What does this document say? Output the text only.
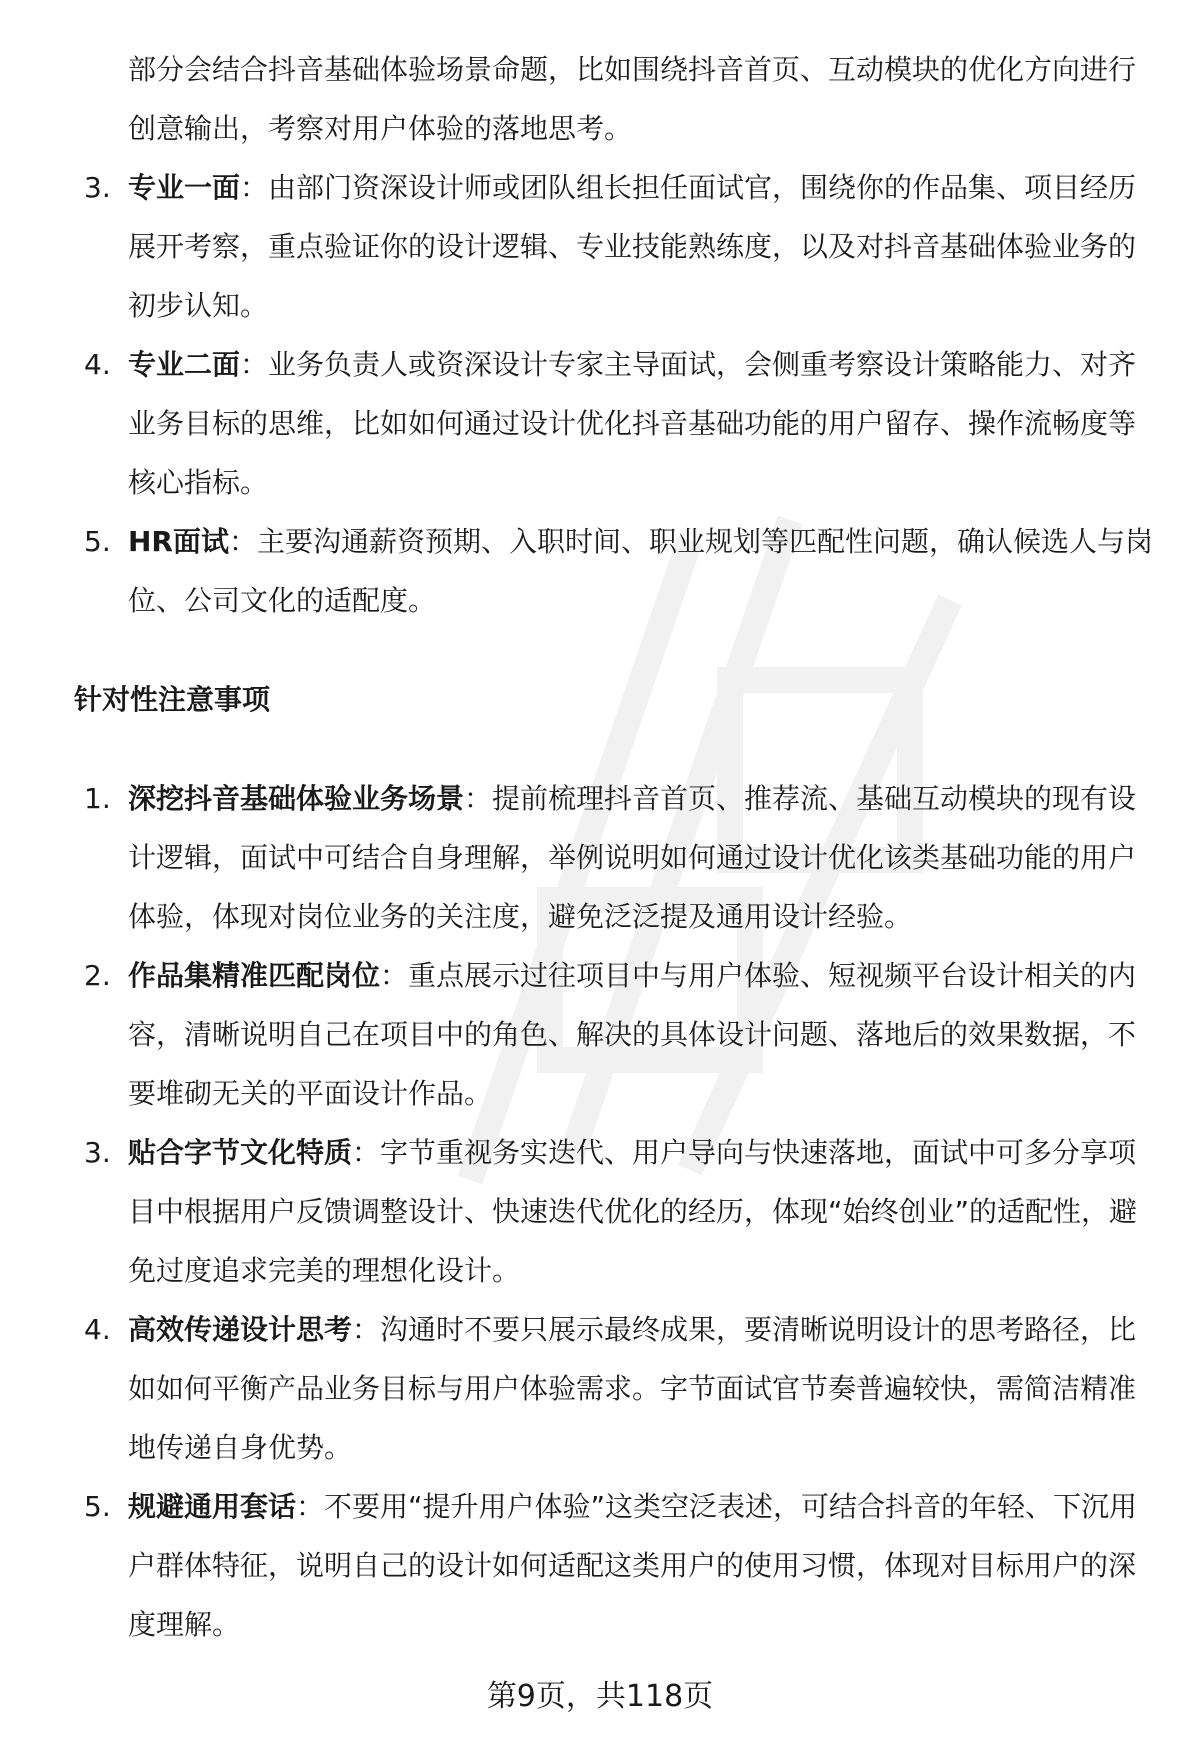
部分会结合抖音基础体验场景命题，比如围绕抖音首页、互动模块的优化方向进行创意输出，考察对用户体验的落地思考。

3. 专业一面：由部门资深设计师或团队组长担任面试官，围绕你的作品集、项目经历展开考察，重点验证你的设计逻辑、专业技能熟练度，以及对抖音基础体验业务的初步认知。
4. 专业二面：业务负责人或资深设计专家主导面试，会侧重考察设计策略能力、对齐业务目标的思维，比如如何通过设计优化抖音基础功能的用户留存、操作流畅度等核心指标。
5. HR面试：主要沟通薪资预期、入职时间、职业规划等匹配性问题，确认候选人与岗位、公司文化的适配度。
针对性注意事项
1. 深挖抖音基础体验业务场景：提前梳理抖音首页、推荐流、基础互动模块的现有设计逻辑，面试中可结合自身理解，举例说明如何通过设计优化该类基础功能的用户体验，体现对岗位业务的关注度，避免泛泛提及通用设计经验。
2. 作品集精准匹配岗位：重点展示过往项目中与用户体验、短视频平台设计相关的内容，清晰说明自己在项目中的角色、解决的具体设计问题、落地后的效果数据，不要堆砌无关的平面设计作品。
3. 贴合字节文化特质：字节重视务实迭代、用户导向与快速落地，面试中可多分享项目中根据用户反馈调整设计、快速迭代优化的经历，体现“始终创业”的适配性，避免过度追求完美的理想化设计。
4. 高效传递设计思考：沟通时不要只展示最终成果，要清晰说明设计的思考路径，比如如何平衡产品业务目标与用户体验需求。字节面试官节奏普遍较快，需简洁精准地传递自身优势。
5. 规避通用套话：不要用“提升用户体验”这类空泛表述，可结合抖音的年轻、下沉用户群体特征，说明自己的设计如何适配这类用户的使用习惯，体现对目标用户的深度理解。
第9页，共118页
